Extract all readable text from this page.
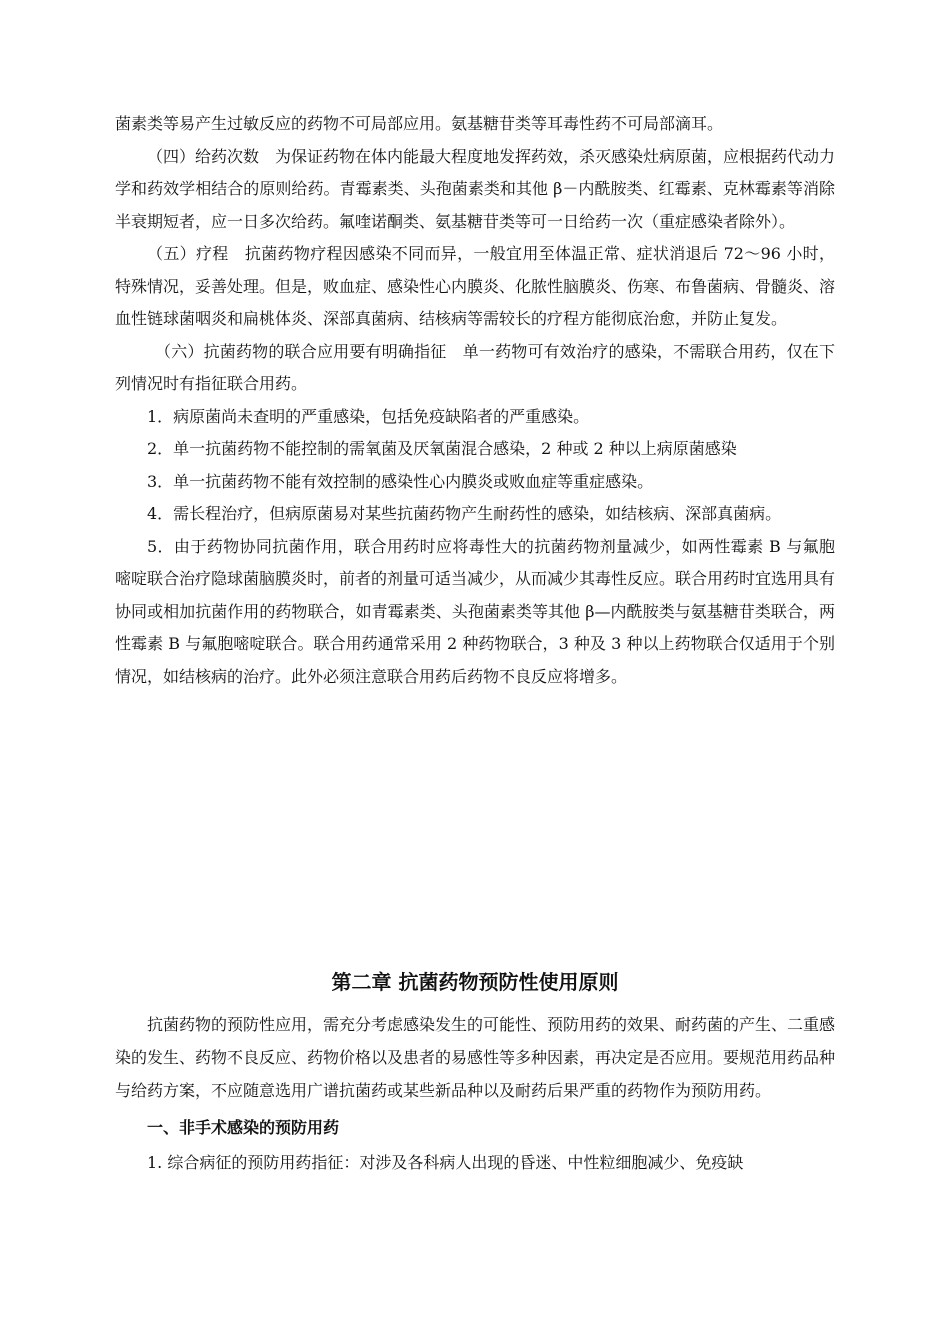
菌素类等易产生过敏反应的药物不可局部应用。氨基糖苷类等耳毒性药不可局部滴耳。

（四）给药次数　为保证药物在体内能最大程度地发挥药效，杀灭感染灶病原菌，应根据药代动力学和药效学相结合的原则给药。青霉素类、头孢菌素类和其他 β－内酰胺类、红霉素、克林霉素等消除半衰期短者，应一日多次给药。氟喹诺酮类、氨基糖苷类等可一日给药一次（重症感染者除外）。

（五）疗程　抗菌药物疗程因感染不同而异，一般宜用至体温正常、症状消退后 72～96 小时，特殊情况，妥善处理。但是，败血症、感染性心内膜炎、化脓性脑膜炎、伤寒、布鲁菌病、骨髓炎、溶血性链球菌咽炎和扁桃体炎、深部真菌病、结核病等需较长的疗程方能彻底治愈，并防止复发。

（六）抗菌药物的联合应用要有明确指征　单一药物可有效治疗的感染，不需联合用药，仅在下列情况时有指征联合用药。

1．病原菌尚未查明的严重感染，包括免疫缺陷者的严重感染。

2．单一抗菌药物不能控制的需氧菌及厌氧菌混合感染，2 种或 2 种以上病原菌感染

3．单一抗菌药物不能有效控制的感染性心内膜炎或败血症等重症感染。

4．需长程治疗，但病原菌易对某些抗菌药物产生耐药性的感染，如结核病、深部真菌病。

5．由于药物协同抗菌作用，联合用药时应将毒性大的抗菌药物剂量减少，如两性霉素 B 与氟胞嘧啶联合治疗隐球菌脑膜炎时，前者的剂量可适当减少，从而减少其毒性反应。联合用药时宜选用具有协同或相加抗菌作用的药物联合，如青霉素类、头孢菌素类等其他 β—内酰胺类与氨基糖苷类联合，两性霉素 B 与氟胞嘧啶联合。联合用药通常采用 2 种药物联合，3 种及 3 种以上药物联合仅适用于个别情况，如结核病的治疗。此外必须注意联合用药后药物不良反应将增多。

第二章 抗菌药物预防性使用原则

抗菌药物的预防性应用，需充分考虑感染发生的可能性、预防用药的效果、耐药菌的产生、二重感染的发生、药物不良反应、药物价格以及患者的易感性等多种因素，再决定是否应用。要规范用药品种与给药方案，不应随意选用广谱抗菌药或某些新品种以及耐药后果严重的药物作为预防用药。

一、非手术感染的预防用药

1. 综合病征的预防用药指征：对涉及各科病人出现的昏迷、中性粒细胞减少、免疫缺
